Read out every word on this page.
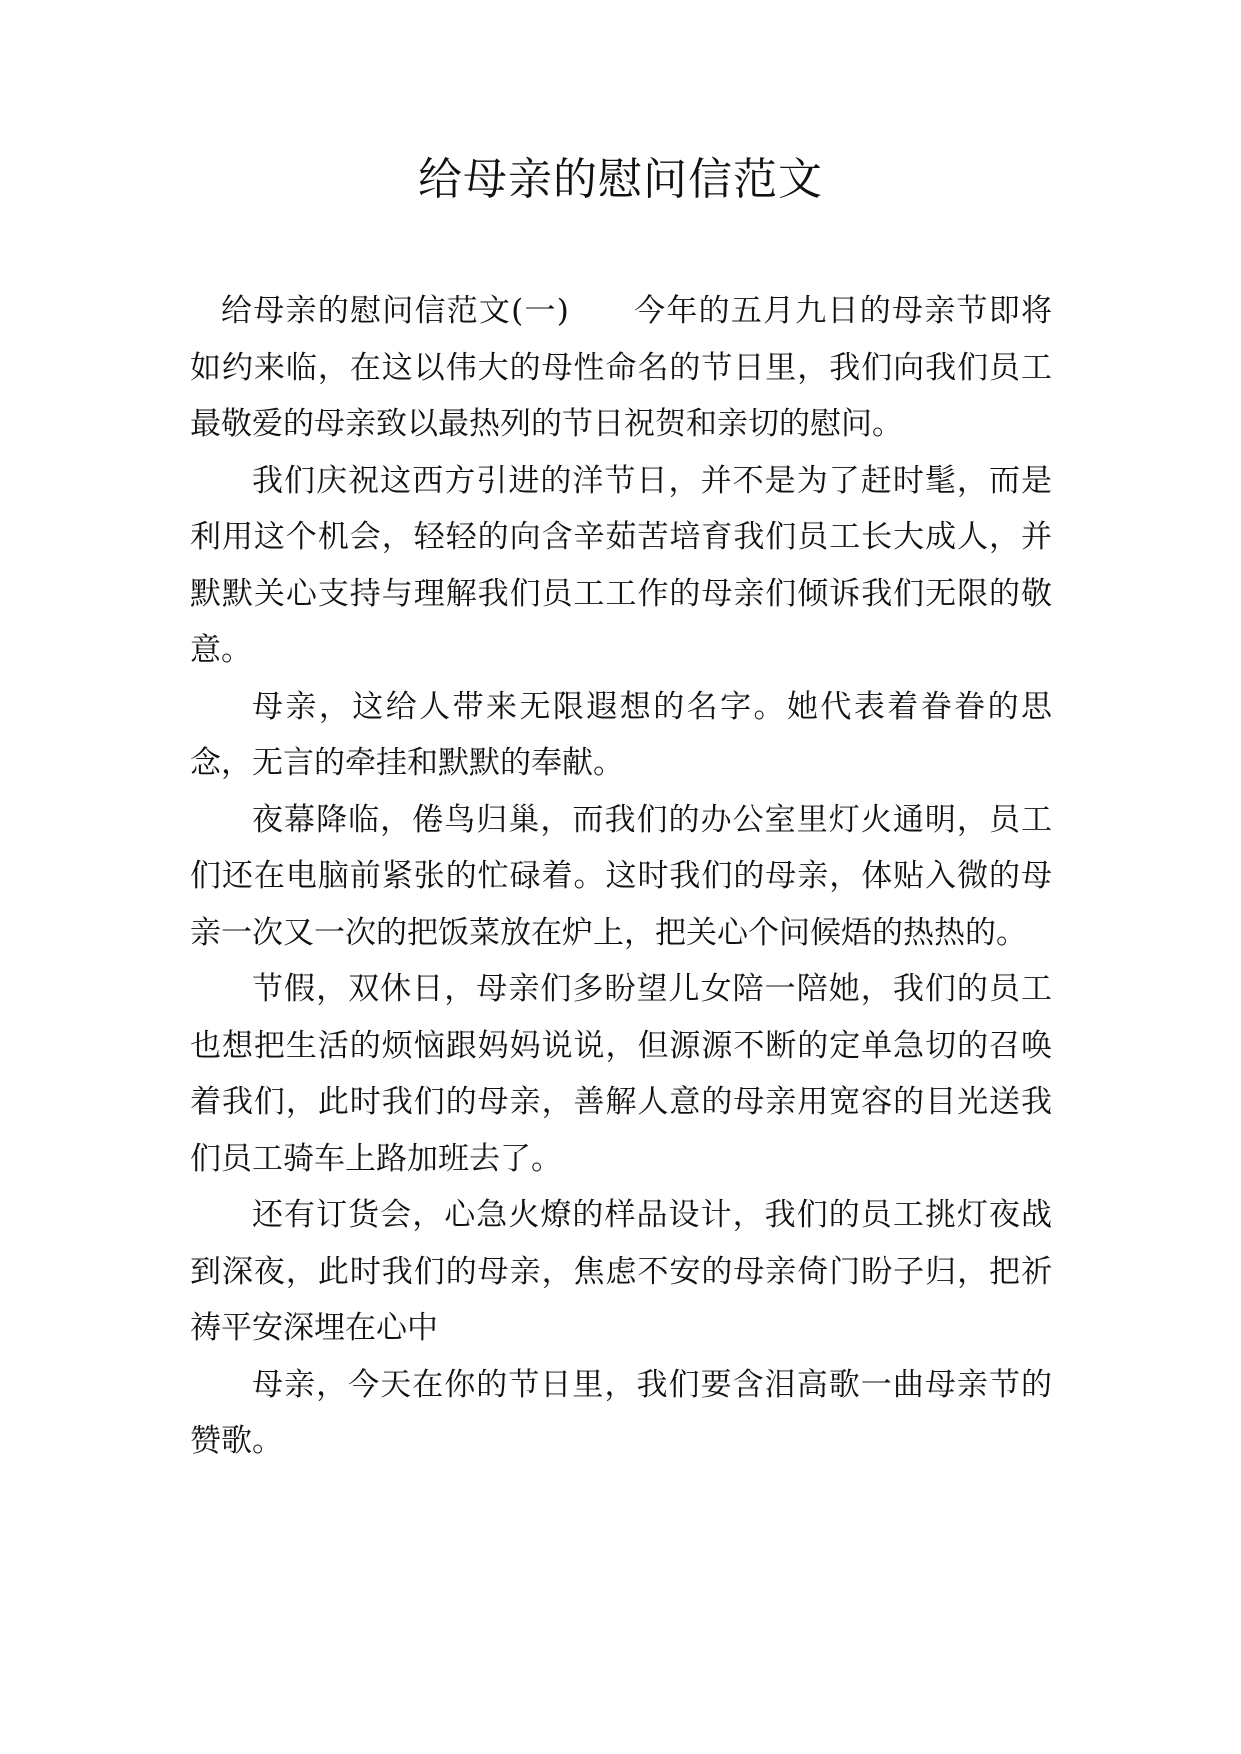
给母亲的慰问信范文

给母亲的慰问信范文(一) 今年的五月九日的母亲节即将如约来临，在这以伟大的母性命名的节日里，我们向我们员工最敬爱的母亲致以最热列的节日祝贺和亲切的慰问。

我们庆祝这西方引进的洋节日，并不是为了赶时髦，而是利用这个机会，轻轻的向含辛茹苦培育我们员工长大成人，并默默关心支持与理解我们员工工作的母亲们倾诉我们无限的敬意。

母亲，这给人带来无限遐想的名字。她代表着眷眷的思念，无言的牵挂和默默的奉献。

夜幕降临，倦鸟归巢，而我们的办公室里灯火通明，员工们还在电脑前紧张的忙碌着。这时我们的母亲，体贴入微的母亲一次又一次的把饭菜放在炉上，把关心个问候焐的热热的。

节假，双休日，母亲们多盼望儿女陪一陪她，我们的员工也想把生活的烦恼跟妈妈说说，但源源不断的定单急切的召唤着我们，此时我们的母亲，善解人意的母亲用宽容的目光送我们员工骑车上路加班去了。

还有订货会，心急火燎的样品设计，我们的员工挑灯夜战到深夜，此时我们的母亲，焦虑不安的母亲倚门盼子归，把祈祷平安深埋在心中

母亲，今天在你的节日里，我们要含泪高歌一曲母亲节的赞歌。
